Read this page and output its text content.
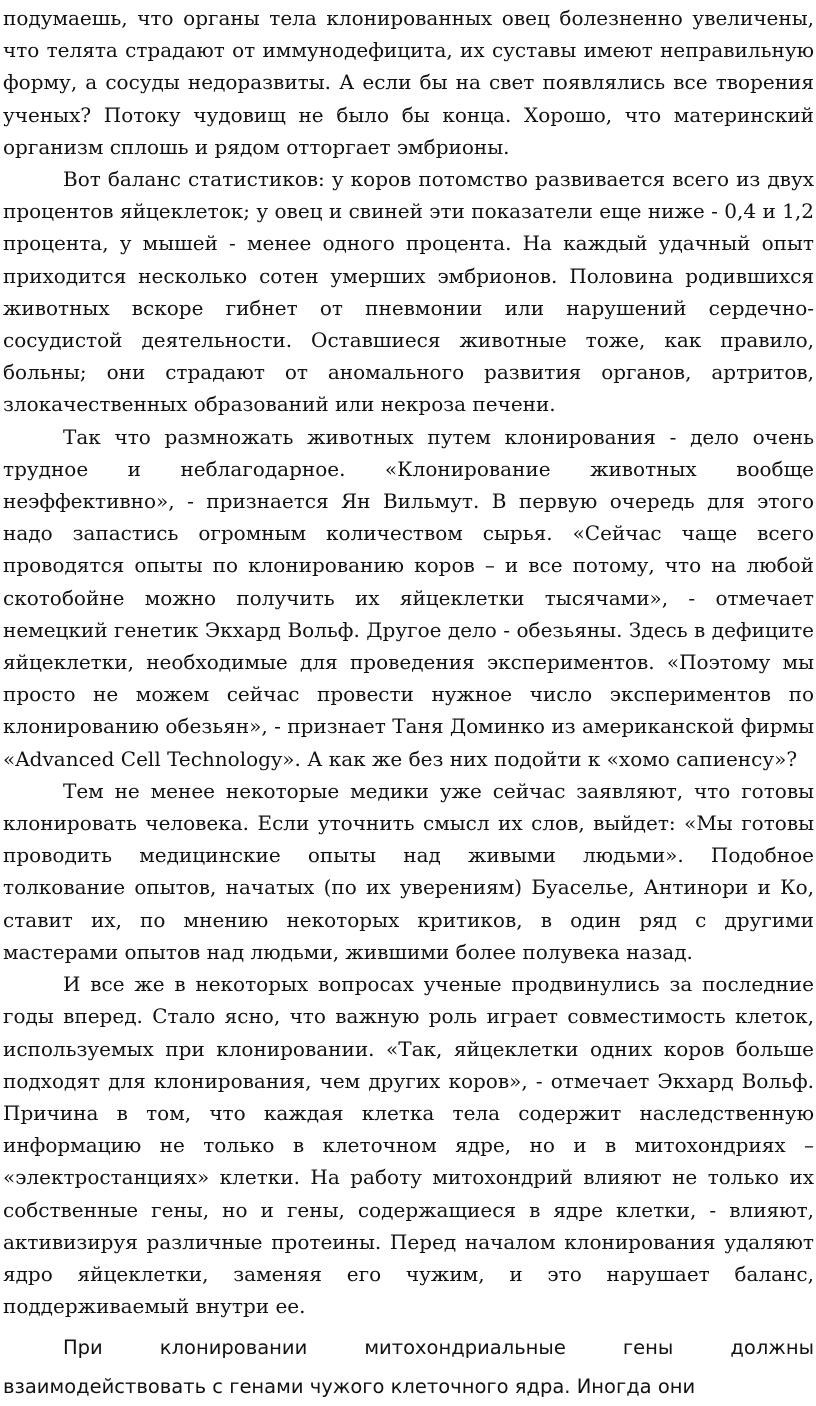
подумаешь, что органы тела клонированных овец болезненно увеличены, что телята страдают от иммунодефицита, их суставы имеют неправильную форму, а сосуды недоразвиты. А если бы на свет появлялись все творения ученых? Потоку чудовищ не было бы конца. Хорошо, что материнский организм сплошь и рядом отторгает эмбрионы.

Вот баланс статистиков: у коров потомство развивается всего из двух процентов яйцеклеток; у овец и свиней эти показатели еще ниже - 0,4 и 1,2 процента, у мышей - менее одного процента. На каждый удачный опыт приходится несколько сотен умерших эмбрионов. Половина родившихся животных вскоре гибнет от пневмонии или нарушений сердечно-сосудистой деятельности. Оставшиеся животные тоже, как правило, больны; они страдают от аномального развития органов, артритов, злокачественных образований или некроза печени.

Так что размножать животных путем клонирования - дело очень трудное и неблагодарное. «Клонирование животных вообще неэффективно», - признается Ян Вильмут. В первую очередь для этого надо запастись огромным количеством сырья. «Сейчас чаще всего проводятся опыты по клонированию коров – и все потому, что на любой скотобойне можно получить их яйцеклетки тысячами», - отмечает немецкий генетик Экхард Вольф. Другое дело - обезьяны. Здесь в дефиците яйцеклетки, необходимые для проведения экспериментов. «Поэтому мы просто не можем сейчас провести нужное число экспериментов по клонированию обезьян», - признает Таня Доминко из американской фирмы «Advanced Cell Technology». А как же без них подойти к «хомо сапиенсу»?

Тем не менее некоторые медики уже сейчас заявляют, что готовы клонировать человека. Если уточнить смысл их слов, выйдет: «Мы готовы проводить медицинские опыты над живыми людьми». Подобное толкование опытов, начатых (по их уверениям) Буаселье, Антинори и Ко, ставит их, по мнению некоторых критиков, в один ряд с другими мастерами опытов над людьми, жившими более полувека назад.

И все же в некоторых вопросах ученые продвинулись за последние годы вперед. Стало ясно, что важную роль играет совместимость клеток, используемых при клонировании. «Так, яйцеклетки одних коров больше подходят для клонирования, чем других коров», - отмечает Экхард Вольф. Причина в том, что каждая клетка тела содержит наследственную информацию не только в клеточном ядре, но и в митохондриях – «электростанциях» клетки. На работу митохондрий влияют не только их собственные гены, но и гены, содержащиеся в ядре клетки, - влияют, активизируя различные протеины. Перед началом клонирования удаляют ядро яйцеклетки, заменяя его чужим, и это нарушает баланс, поддерживаемый внутри ее.

При клонировании митохондриальные гены должны взаимодействовать с генами чужого клеточного ядра. Иногда они
